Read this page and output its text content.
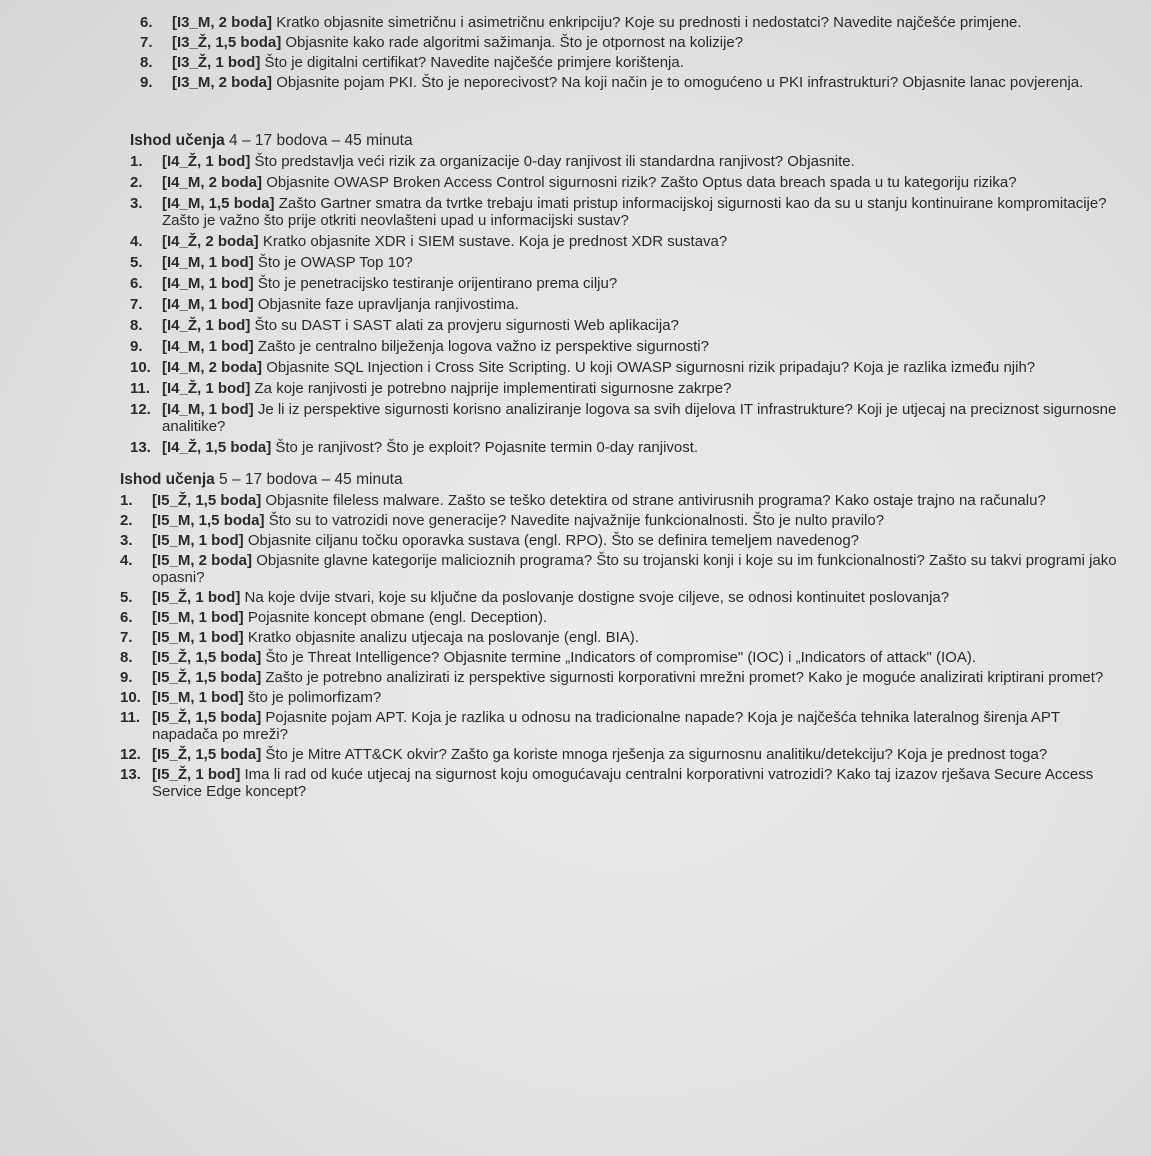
6.	[I3_M, 2 boda] Kratko objasnite simetričnu i asimetričnu enkripciju? Koje su prednosti i nedostatci? Navedite najčešće primjene.
7.	[I3_Ž, 1,5 boda] Objasnite kako rade algoritmi sažimanja. Što je otpornost na kolizije?
8.	[I3_Ž, 1 bod] Što je digitalni certifikat? Navedite najčešće primjere korištenja.
9.	[I3_M, 2 boda] Objasnite pojam PKI. Što je neporecivost? Na koji način je to omogućeno u PKI infrastrukturi? Objasnite lanac povjerenja.
Ishod učenja 4 – 17 bodova – 45 minuta
1.	[I4_Ž, 1 bod] Što predstavlja veći rizik za organizacije 0-day ranjivost ili standardna ranjivost? Objasnite.
2.	[I4_M, 2 boda] Objasnite OWASP Broken Access Control sigurnosni rizik? Zašto Optus data breach spada u tu kategoriju rizika?
3.	[I4_M, 1,5 boda] Zašto Gartner smatra da tvrtke trebaju imati pristup informacijskoj sigurnosti kao da su u stanju kontinuirane kompromitacije? Zašto je važno što prije otkriti neovlašteni upad u informacijski sustav?
4.	[I4_Ž, 2 boda] Kratko objasnite XDR i SIEM sustave. Koja je prednost XDR sustava?
5.	[I4_M, 1 bod] Što je OWASP Top 10?
6.	[I4_M, 1 bod] Što je penetracijsko testiranje orijentirano prema cilju?
7.	[I4_M, 1 bod] Objasnite faze upravljanja ranjivostima.
8.	[I4_Ž, 1 bod] Što su DAST i SAST alati za provjeru sigurnosti Web aplikacija?
9.	[I4_M, 1 bod] Zašto je centralno bilježenja logova važno iz perspektive sigurnosti?
10. [I4_M, 2 boda] Objasnite SQL Injection i Cross Site Scripting. U koji OWASP sigurnosni rizik pripadaju? Koja je razlika između njih?
11. [I4_Ž, 1 bod] Za koje ranjivosti je potrebno najprije implementirati sigurnosne zakrpe?
12. [I4_M, 1 bod] Je li iz perspektive sigurnosti korisno analiziranje logova sa svih dijelova IT infrastrukture? Koji je utjecaj na preciznost sigurnosne analitike?
13. [I4_Ž, 1,5 boda] Što je ranjivost? Što je exploit? Pojasnite termin 0-day ranjivost.
Ishod učenja 5 – 17 bodova – 45 minuta
1.	[I5_Ž, 1,5 boda] Objasnite fileless malware. Zašto se teško detektira od strane antivirusnih programa? Kako ostaje trajno na računalu?
2.	[I5_M, 1,5 boda] Što su to vatrozidi nove generacije? Navedite najvažnije funkcionalnosti. Što je nulto pravilo?
3.	[I5_M, 1 bod] Objasnite ciljanu točku oporavka sustava (engl. RPO). Što se definira temeljem navedenog?
4.	[I5_M, 2 boda] Objasnite glavne kategorije malicioznih programa? Što su trojanski konji i koje su im funkcionalnosti? Zašto su takvi programi jako opasni?
5.	[I5_Ž, 1 bod] Na koje dvije stvari, koje su ključne da poslovanje dostigne svoje ciljeve, se odnosi kontinuitet poslovanja?
6.	[I5_M, 1 bod] Pojasnite koncept obmane (engl. Deception).
7.	[I5_M, 1 bod] Kratko objasnite analizu utjecaja na poslovanje (engl. BIA).
8.	[I5_Ž, 1,5 boda] Što je Threat Intelligence? Objasnite termine „Indicators of compromise" (IOC) i „Indicators of attack" (IOA).
9.	[I5_Ž, 1,5 boda] Zašto je potrebno analizirati iz perspektive sigurnosti korporativni mrežni promet? Kako je moguće analizirati kriptirani promet?
10. [I5_M, 1 bod] što je polimorfizam?
11. [I5_Ž, 1,5 boda] Pojasnite pojam APT. Koja je razlika u odnosu na tradicionalne napade? Koja je najčešća tehnika lateralnog širenja APT napadača po mreži?
12. [I5_Ž, 1,5 boda] Što je Mitre ATT&CK okvir? Zašto ga koriste mnoga rješenja za sigurnosnu analitiku/detekciju? Koja je prednost toga?
13. [I5_Ž, 1 bod] Ima li rad od kuće utjecaj na sigurnost koju omogućavaju centralni korporativni vatrozidi? Kako taj izazov rješava Secure Access Service Edge koncept?
